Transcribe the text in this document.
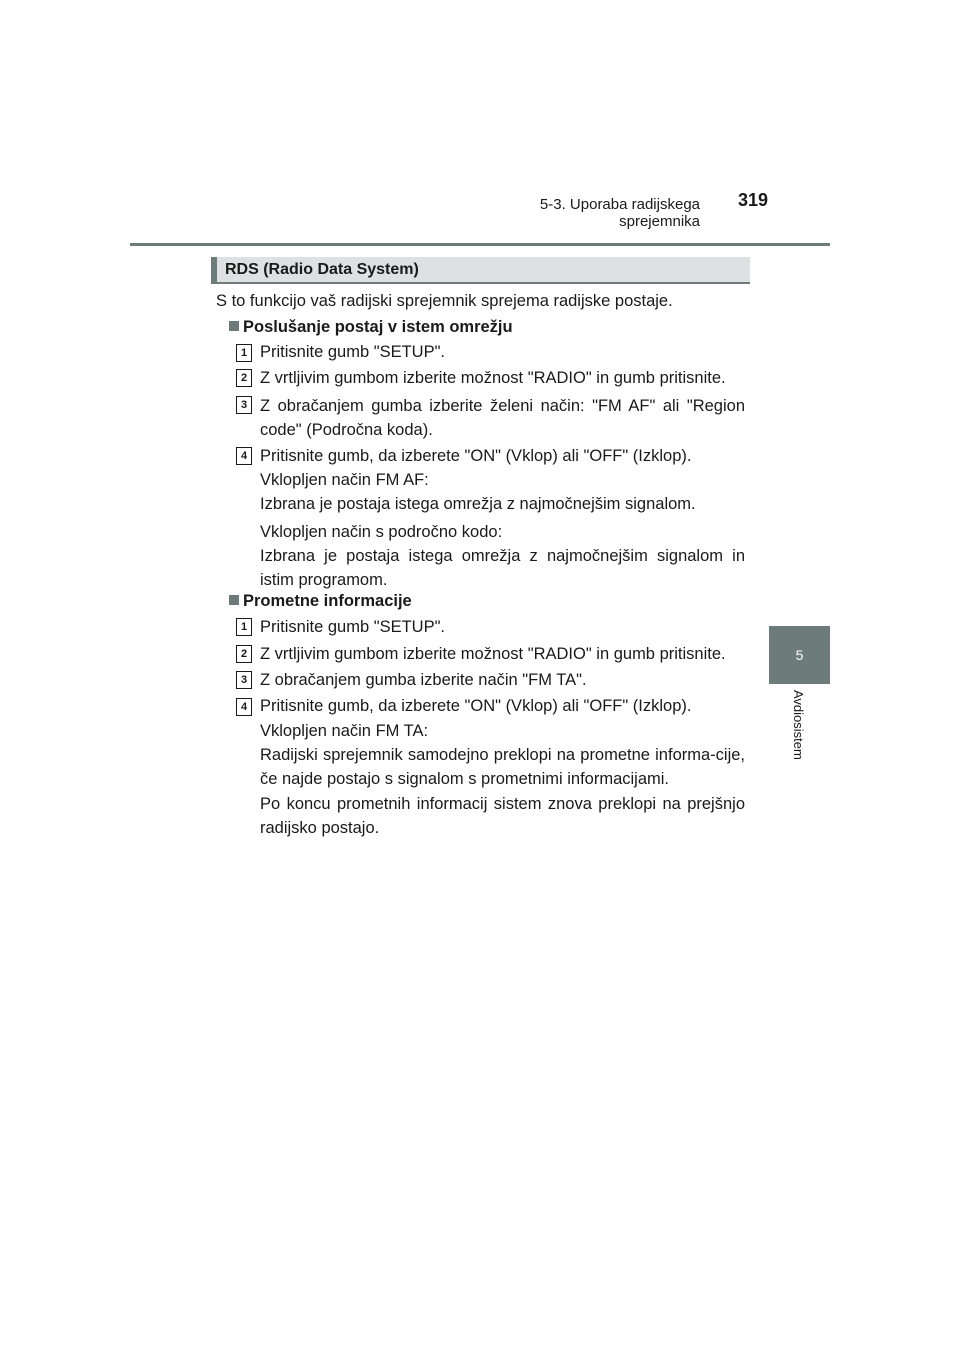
5-3. Uporaba radijskega sprejemnika
319
5
Avdiosistem
RDS (Radio Data System)
S to funkcijo vaš radijski sprejemnik sprejema radijske postaje.
Poslušanje postaj v istem omrežju
1 Pritisnite gumb "SETUP".
2 Z vrtljivim gumbom izberite možnost "RADIO" in gumb pritisnite.
3 Z obračanjem gumba izberite želeni način: "FM AF" ali "Region code" (Področna koda).
4 Pritisnite gumb, da izberete "ON" (Vklop) ali "OFF" (Izklop).
Vklopljen način FM AF:
Izbrana je postaja istega omrežja z najmočnejšim signalom.
Vklopljen način s področno kodo:
Izbrana je postaja istega omrežja z najmočnejšim signalom in istim programom.
Prometne informacije
1 Pritisnite gumb "SETUP".
2 Z vrtljivim gumbom izberite možnost "RADIO" in gumb pritisnite.
3 Z obračanjem gumba izberite način "FM TA".
4 Pritisnite gumb, da izberete "ON" (Vklop) ali "OFF" (Izklop).
Vklopljen način FM TA:
Radijski sprejemnik samodejno preklopi na prometne informa-cije, če najde postajo s signalom s prometnimi informacijami.
Po koncu prometnih informacij sistem znova preklopi na prejšnjo radijsko postajo.
